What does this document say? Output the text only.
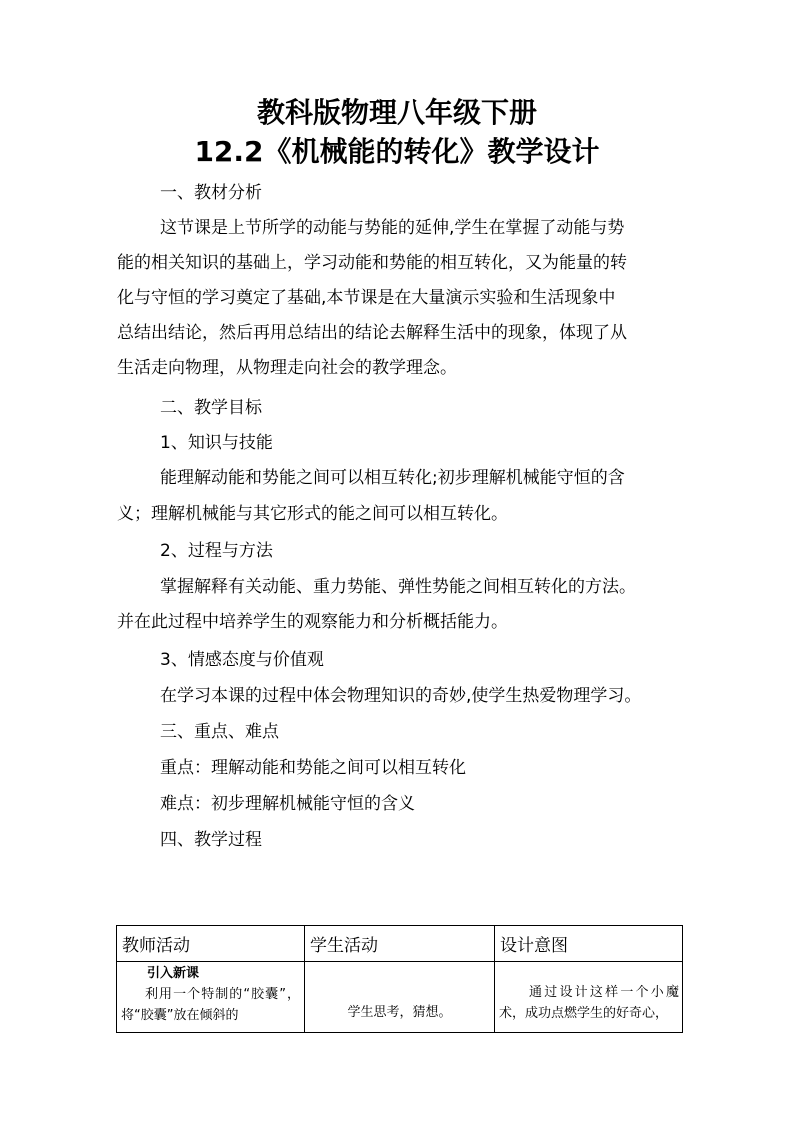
教科版物理八年级下册
12.2《机械能的转化》教学设计

一、教材分析

这节课是上节所学的动能与势能的延伸,学生在掌握了动能与势

能的相关知识的基础上，学习动能和势能的相互转化，又为能量的转

化与守恒的学习奠定了基础,本节课是在大量演示实验和生活现象中

总结出结论，然后再用总结出的结论去解释生活中的现象，体现了从

生活走向物理，从物理走向社会的教学理念。

二、教学目标

1、知识与技能

能理解动能和势能之间可以相互转化;初步理解机械能守恒的含

义；理解机械能与其它形式的能之间可以相互转化。

2、过程与方法

掌握解释有关动能、重力势能、弹性势能之间相互转化的方法。

并在此过程中培养学生的观察能力和分析概括能力。

3、情感态度与价值观

在学习本课的过程中体会物理知识的奇妙,使学生热爱物理学习。

三、重点、难点

重点：理解动能和势能之间可以相互转化

难点：初步理解机械能守恒的含义

四、教学过程

教师活动	学生活动	设计意图

引入新课
利用一个特制的“胶囊”，将“胶囊”放在倾斜的	学生思考，猜想。	通过设计这样一个小魔术，成功点燃学生的好奇心，
